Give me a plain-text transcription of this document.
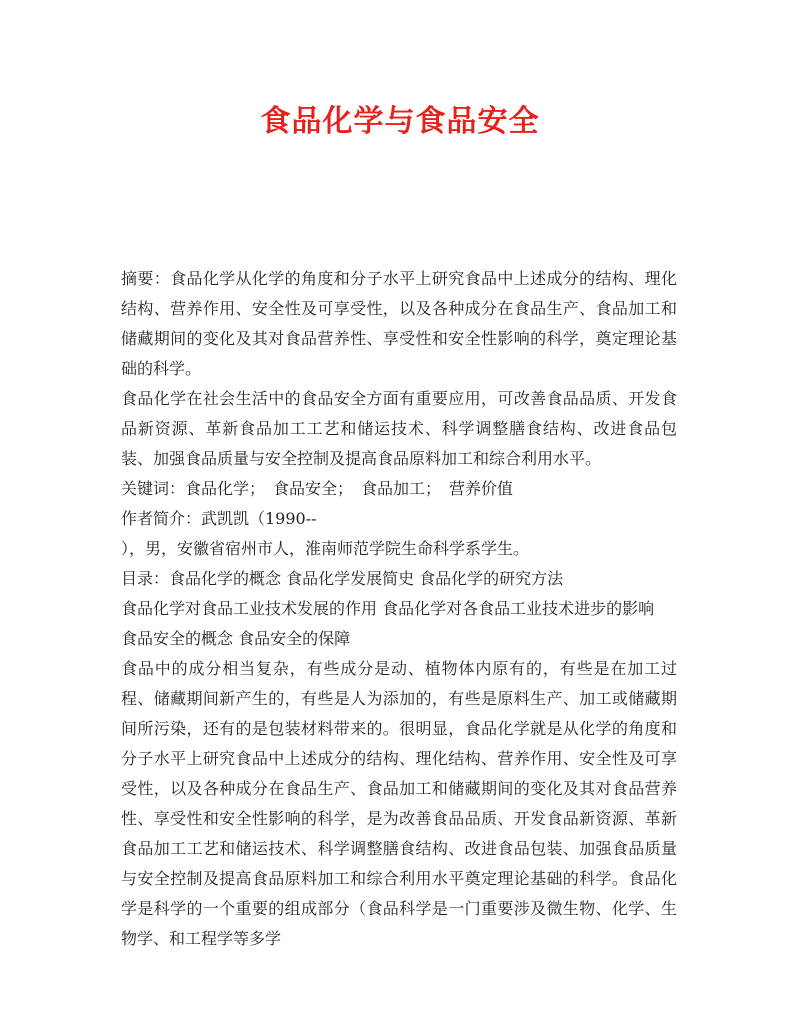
食品化学与食品安全

摘要：食品化学从化学的角度和分子水平上研究食品中上述成分的结构、理化结构、营养作用、安全性及可享受性，以及各种成分在食品生产、食品加工和储藏期间的变化及其对食品营养性、享受性和安全性影响的科学，奠定理论基础的科学。

食品化学在社会生活中的食品安全方面有重要应用，可改善食品品质、开发食品新资源、革新食品加工工艺和储运技术、科学调整膳食结构、改进食品包装、加强食品质量与安全控制及提高食品原料加工和综合利用水平。

关键词：食品化学；　食品安全；　食品加工；　营养价值

作者简介：武凯凯（1990--

），男，安徽省宿州市人，淮南师范学院生命科学系学生。

目录：食品化学的概念 食品化学发展简史 食品化学的研究方法

食品化学对食品工业技术发展的作用 食品化学对各食品工业技术进步的影响

食品安全的概念 食品安全的保障

食品中的成分相当复杂，有些成分是动、植物体内原有的，有些是在加工过程、储藏期间新产生的，有些是人为添加的，有些是原料生产、加工或储藏期间所污染，还有的是包装材料带来的。很明显，食品化学就是从化学的角度和分子水平上研究食品中上述成分的结构、理化结构、营养作用、安全性及可享受性，以及各种成分在食品生产、食品加工和储藏期间的变化及其对食品营养性、享受性和安全性影响的科学，是为改善食品品质、开发食品新资源、革新食品加工工艺和储运技术、科学调整膳食结构、改进食品包装、加强食品质量与安全控制及提高食品原料加工和综合利用水平奠定理论基础的科学。食品化学是科学的一个重要的组成部分（食品科学是一门重要涉及微生物、化学、生物学、和工程学等多学
